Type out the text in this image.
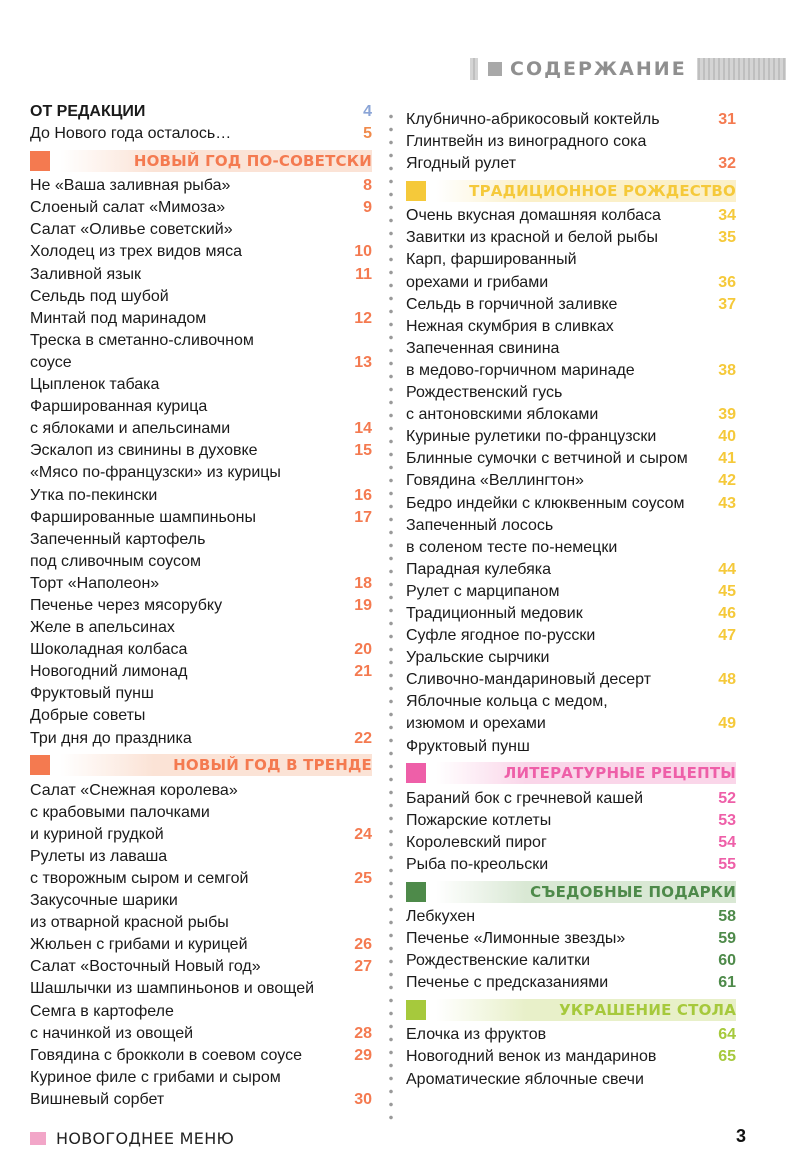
СОДЕРЖАНИЕ
ОТ РЕДАКЦИИ	4
До Нового года осталось…	5
НОВЫЙ ГОД ПО-СОВЕТСКИ
Не «Ваша заливная рыба»	8
Слоеный салат «Мимоза»	9
Салат «Оливье советский»
Холодец из трех видов мяса	10
Заливной язык	11
Сельдь под шубой
Минтай под маринадом	12
Треска в сметанно-сливочном
соусе	13
Цыпленок табака
Фаршированная курица
с яблоками и апельсинами	14
Эскалоп из свинины в духовке	15
«Мясо по-французски» из курицы
Утка по-пекински	16
Фаршированные шампиньоны	17
Запеченный картофель
под сливочным соусом
Торт «Наполеон»	18
Печенье через мясорубку	19
Желе в апельсинах
Шоколадная колбаса	20
Новогодний лимонад	21
Фруктовый пунш
Добрые советы
Три дня до праздника	22
НОВЫЙ ГОД В ТРЕНДЕ
Салат «Снежная королева»
с крабовыми палочками
и куриной грудкой	24
Рулеты из лаваша
с творожным сыром и семгой	25
Закусочные шарики
из отварной красной рыбы
Жюльен с грибами и курицей	26
Салат «Восточный Новый год»	27
Шашлычки из шампиньонов и овощей
Семга в картофеле
с начинкой из овощей	28
Говядина с брокколи в соевом соусе	29
Куриное филе с грибами и сыром
Вишневый сорбет	30
Клубнично-абрикосовый коктейль	31
Глинтвейн из виноградного сока
Ягодный рулет	32
ТРАДИЦИОННОЕ РОЖДЕСТВО
Очень вкусная домашняя колбаса	34
Завитки из красной и белой рыбы	35
Карп, фаршированный
орехами и грибами	36
Сельдь в горчичной заливке	37
Нежная скумбрия в сливках
Запеченная свинина
в медово-горчичном маринаде	38
Рождественский гусь
с антоновскими яблоками	39
Куриные рулетики по-французски	40
Блинные сумочки с ветчиной и сыром 41
Говядина «Веллингтон»	42
Бедро индейки с клюквенным соусом 43
Запеченный лосось
в соленом тесте по-немецки
Парадная кулебяка	44
Рулет с марципаном	45
Традиционный медовик	46
Суфле ягодное по-русски	47
Уральские сырчики
Сливочно-мандариновый десерт	48
Яблочные кольца с медом,
изюмом и орехами	49
Фруктовый пунш
ЛИТЕРАТУРНЫЕ РЕЦЕПТЫ
Бараний бок с гречневой кашей	52
Пожарские котлеты	53
Королевский пирог	54
Рыба по-креольски	55
СЪЕДОБНЫЕ ПОДАРКИ
Лебкухен	58
Печенье «Лимонные звезды»	59
Рождественские калитки	60
Печенье с предсказаниями	61
УКРАШЕНИЕ СТОЛА
Елочка из фруктов	64
Новогодний венок из мандаринов	65
Ароматические яблочные свечи
НОВОГОДНЕЕ МЕНЮ	3
